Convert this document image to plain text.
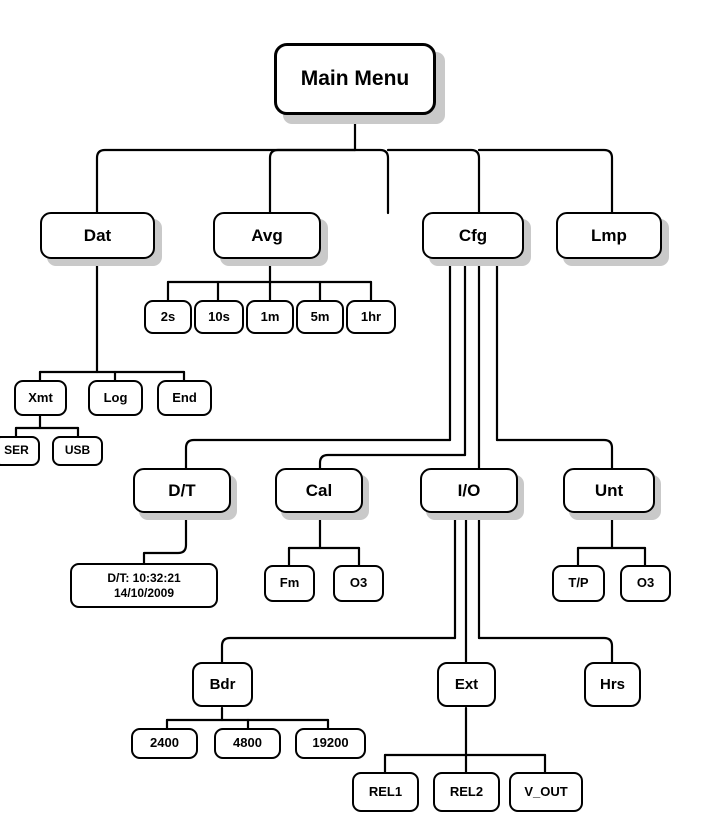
Main Menu
Dat	Avg	Cfg	Lmp
2s	10s 1m 5m 1hr
Xmt	Log	End
SER	USB
D/T	Cal	I/O	Unt
D/T: 10:32:21
14/10/2009
Fm	O3	T/P	O3
Bdr	Ext	Hrs
2400	4800	19200
REL1	REL2	V_OUT
